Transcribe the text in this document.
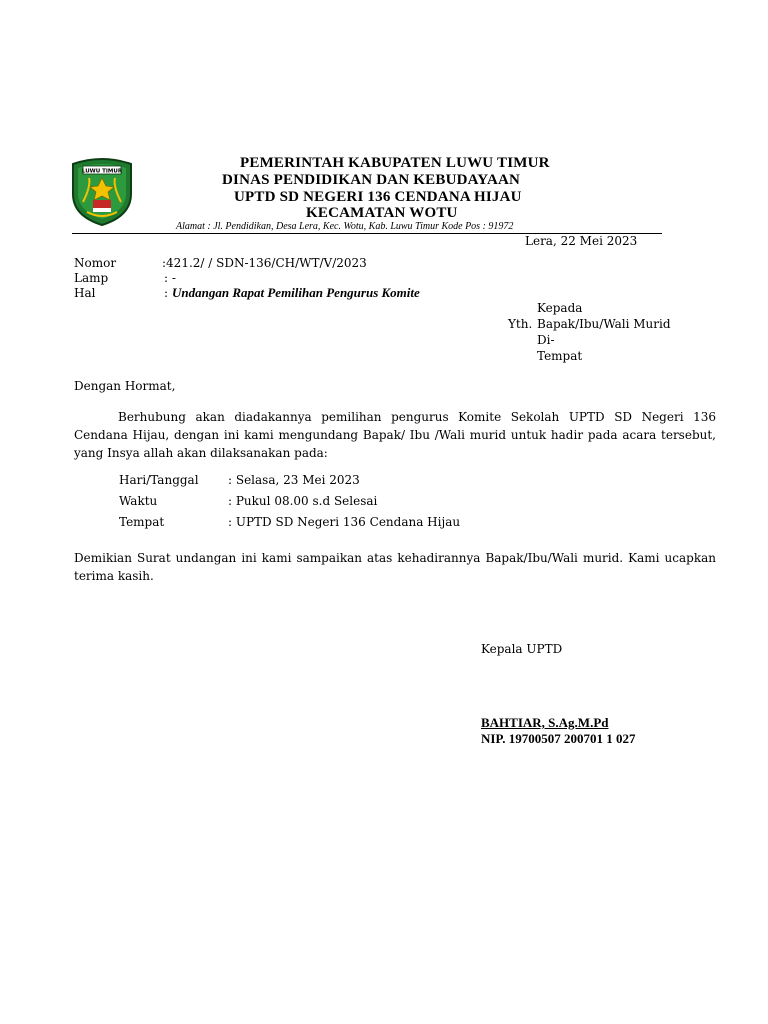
LUWU TIMUR
PEMERINTAH KABUPATEN LUWU TIMUR
DINAS PENDIDIKAN DAN KEBUDAYAAN
UPTD SD NEGERI 136 CENDANA HIJAU
KECAMATAN WOTU
Alamat : Jl. Pendidikan, Desa Lera, Kec. Wotu, Kab. Luwu Timur Kode Pos : 91972
Lera, 22 Mei 2023
Nomor	:421.2/ / SDN-136/CH/WT/V/2023
Lamp	: -
Hal	: Undangan Rapat Pemilihan Pengurus Komite
Kepada
Yth. Bapak/Ibu/Wali Murid
Di-
Tempat
Dengan Hormat,
Berhubung akan diadakannya pemilihan pengurus Komite Sekolah UPTD SD Negeri 136 Cendana Hijau, dengan ini kami mengundang Bapak/ Ibu /Wali murid untuk hadir pada acara tersebut, yang Insya allah akan dilaksanakan pada:
Hari/Tanggal : Selasa, 23 Mei 2023
Waktu	: Pukul 08.00 s.d Selesai
Tempat	: UPTD SD Negeri 136 Cendana Hijau
Demikian Surat undangan ini kami sampaikan atas kehadirannya Bapak/Ibu/Wali murid. Kami ucapkan terima kasih.
Kepala UPTD
BAHTIAR, S.Ag.M.Pd
NIP. 19700507 200701 1 027
